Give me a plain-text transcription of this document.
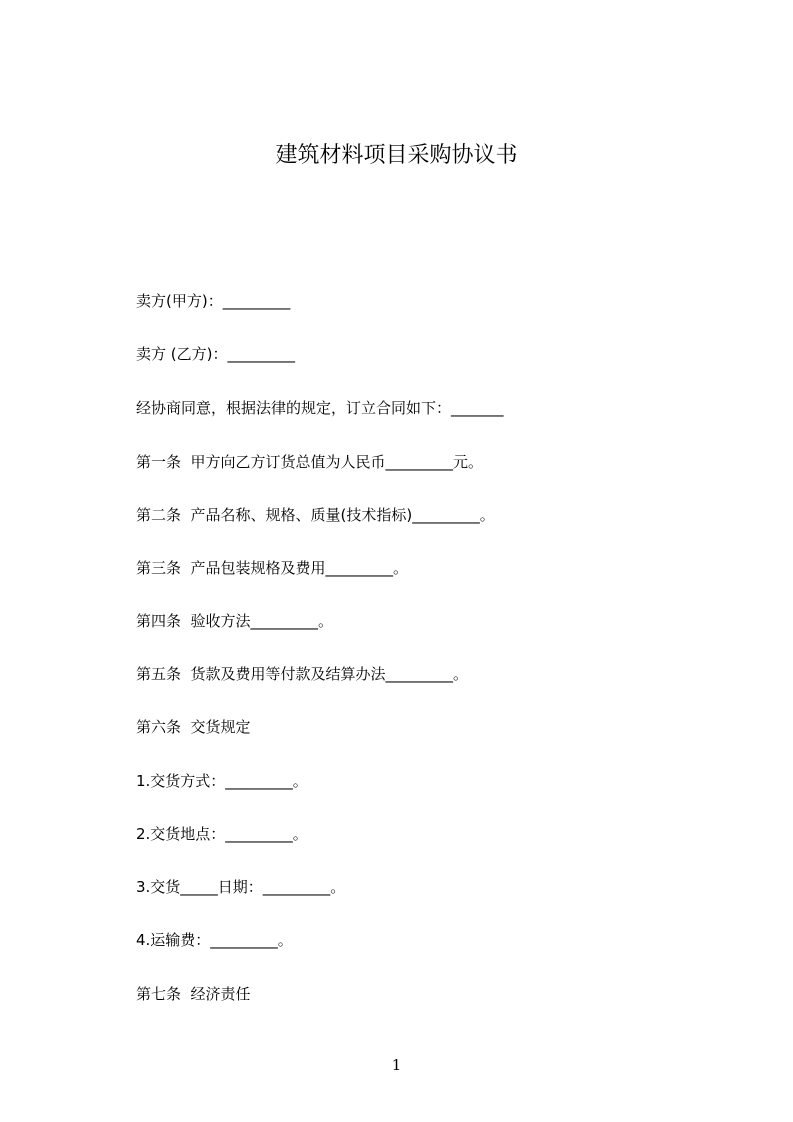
建筑材料项目采购协议书
卖方(甲方)：_________
卖方 (乙方)：_________
经协商同意，根据法律的规定，订立合同如下：_______
第一条  甲方向乙方订货总值为人民币_________元。
第二条  产品名称、规格、质量(技术指标)_________。
第三条  产品包装规格及费用_________。
第四条  验收方法_________。
第五条  货款及费用等付款及结算办法_________。
第六条  交货规定
1.交货方式：_________。
2.交货地点：_________。
3.交货_____日期：_________。
4.运输费：_________。
第七条  经济责任
1
